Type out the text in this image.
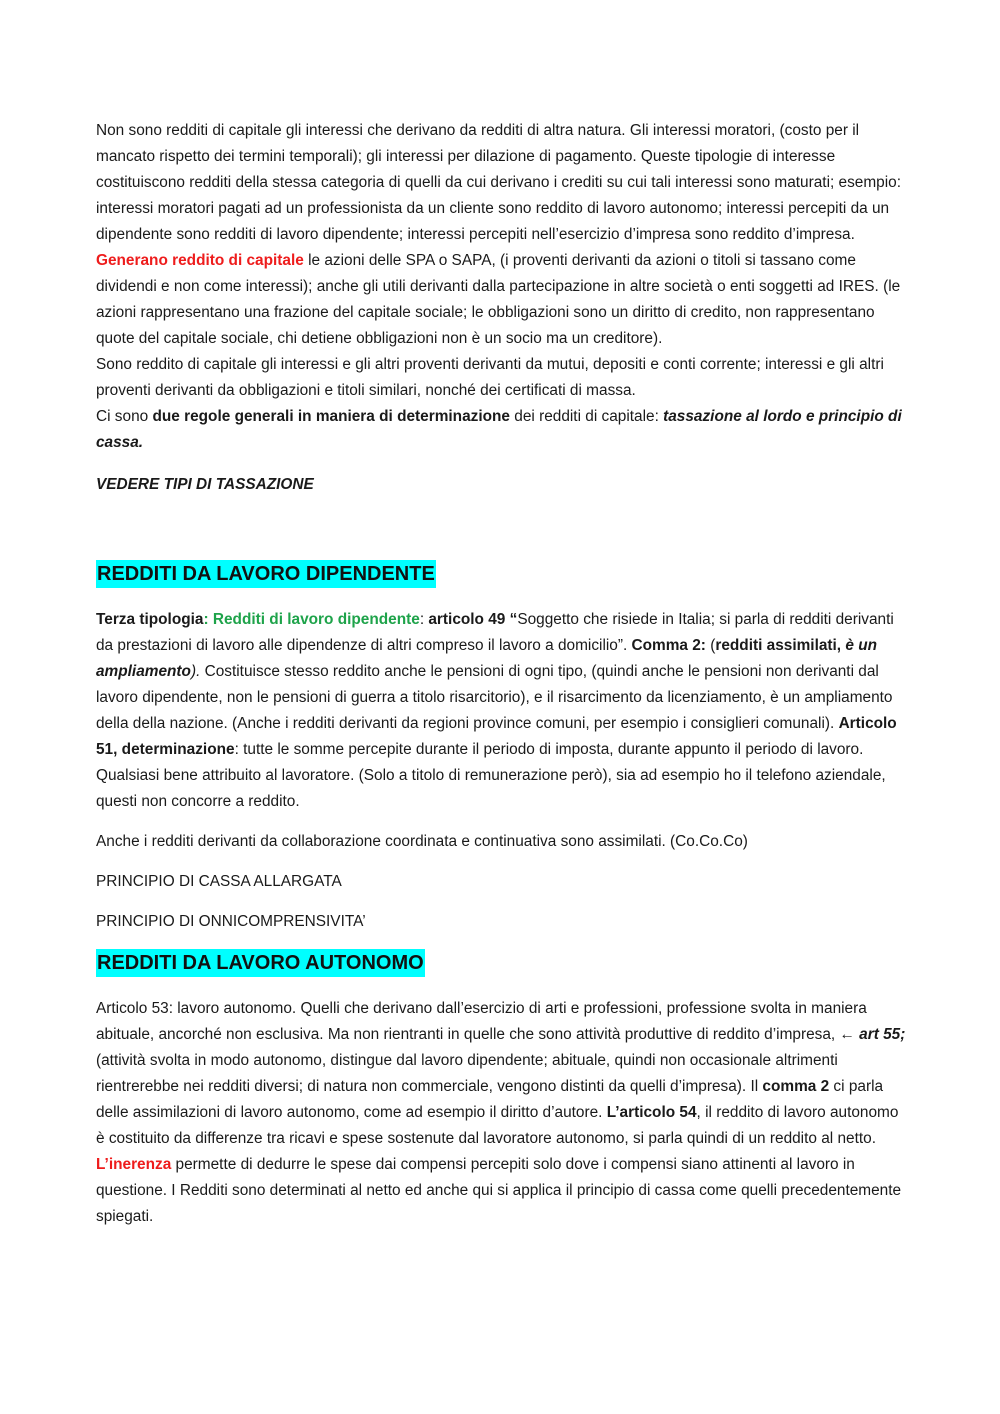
Non sono redditi di capitale gli interessi che derivano da redditi di altra natura. Gli interessi moratori, (costo per il mancato rispetto dei termini temporali); gli interessi per dilazione di pagamento. Queste tipologie di interesse costituiscono redditi della stessa categoria di quelli da cui derivano i crediti su cui tali interessi sono maturati; esempio: interessi moratori pagati ad un professionista da un cliente sono reddito di lavoro autonomo; interessi percepiti da un dipendente sono redditi di lavoro dipendente; interessi percepiti nell’esercizio d’impresa sono reddito d’impresa.

Generano reddito di capitale le azioni delle SPA o SAPA, (i proventi derivanti da azioni o titoli si tassano come dividendi e non come interessi); anche gli utili derivanti dalla partecipazione in altre società o enti soggetti ad IRES. (le azioni rappresentano una frazione del capitale sociale; le obbligazioni sono un diritto di credito, non rappresentano quote del capitale sociale, chi detiene obbligazioni non è un socio ma un creditore).

Sono reddito di capitale gli interessi e gli altri proventi derivanti da mutui, depositi e conti corrente; interessi e gli altri proventi derivanti da obbligazioni e titoli similari, nonché dei certificati di massa.

Ci sono due regole generali in maniera di determinazione dei redditi di capitale: tassazione al lordo e principio di cassa.

VEDERE TIPI DI TASSAZIONE

REDDITI DA LAVORO DIPENDENTE

Terza tipologia: Redditi di lavoro dipendente: articolo 49 “Soggetto che risiede in Italia; si parla di redditi derivanti da prestazioni di lavoro alle dipendenze di altri compreso il lavoro a domicilio”. Comma 2: (redditi assimilati, è un ampliamento). Costituisce stesso reddito anche le pensioni di ogni tipo, (quindi anche le pensioni non derivanti dal lavoro dipendente, non le pensioni di guerra a titolo risarcitorio), e il risarcimento da licenziamento, è un ampliamento della della nazione. (Anche i redditi derivanti da regioni province comuni, per esempio i consiglieri comunali). Articolo 51, determinazione: tutte le somme percepite durante il periodo di imposta, durante appunto il periodo di lavoro. Qualsiasi bene attribuito al lavoratore. (Solo a titolo di remunerazione però), sia ad esempio ho il telefono aziendale, questi non concorre a reddito.

Anche i redditi derivanti da collaborazione coordinata e continuativa sono assimilati. (Co.Co.Co)

PRINCIPIO DI CASSA ALLARGATA

PRINCIPIO DI ONNICOMPRENSIVITA’

REDDITI DA LAVORO AUTONOMO

Articolo 53: lavoro autonomo. Quelli che derivano dall’esercizio di arti e professioni, professione svolta in maniera abituale, ancorché non esclusiva. Ma non rientranti in quelle che sono attività produttive di reddito d’impresa, ← art 55; (attività svolta in modo autonomo, distingue dal lavoro dipendente; abituale, quindi non occasionale altrimenti rientrerebbe nei redditi diversi; di natura non commerciale, vengono distinti da quelli d’impresa). Il comma 2 ci parla delle assimilazioni di lavoro autonomo, come ad esempio il diritto d’autore. L’articolo 54, il reddito di lavoro autonomo è costituito da differenze tra ricavi e spese sostenute dal lavoratore autonomo, si parla quindi di un reddito al netto. L’inerenza permette di dedurre le spese dai compensi percepiti solo dove i compensi siano attinenti al lavoro in questione. I Redditi sono determinati al netto ed anche qui si applica il principio di cassa come quelli precedentemente spiegati.
